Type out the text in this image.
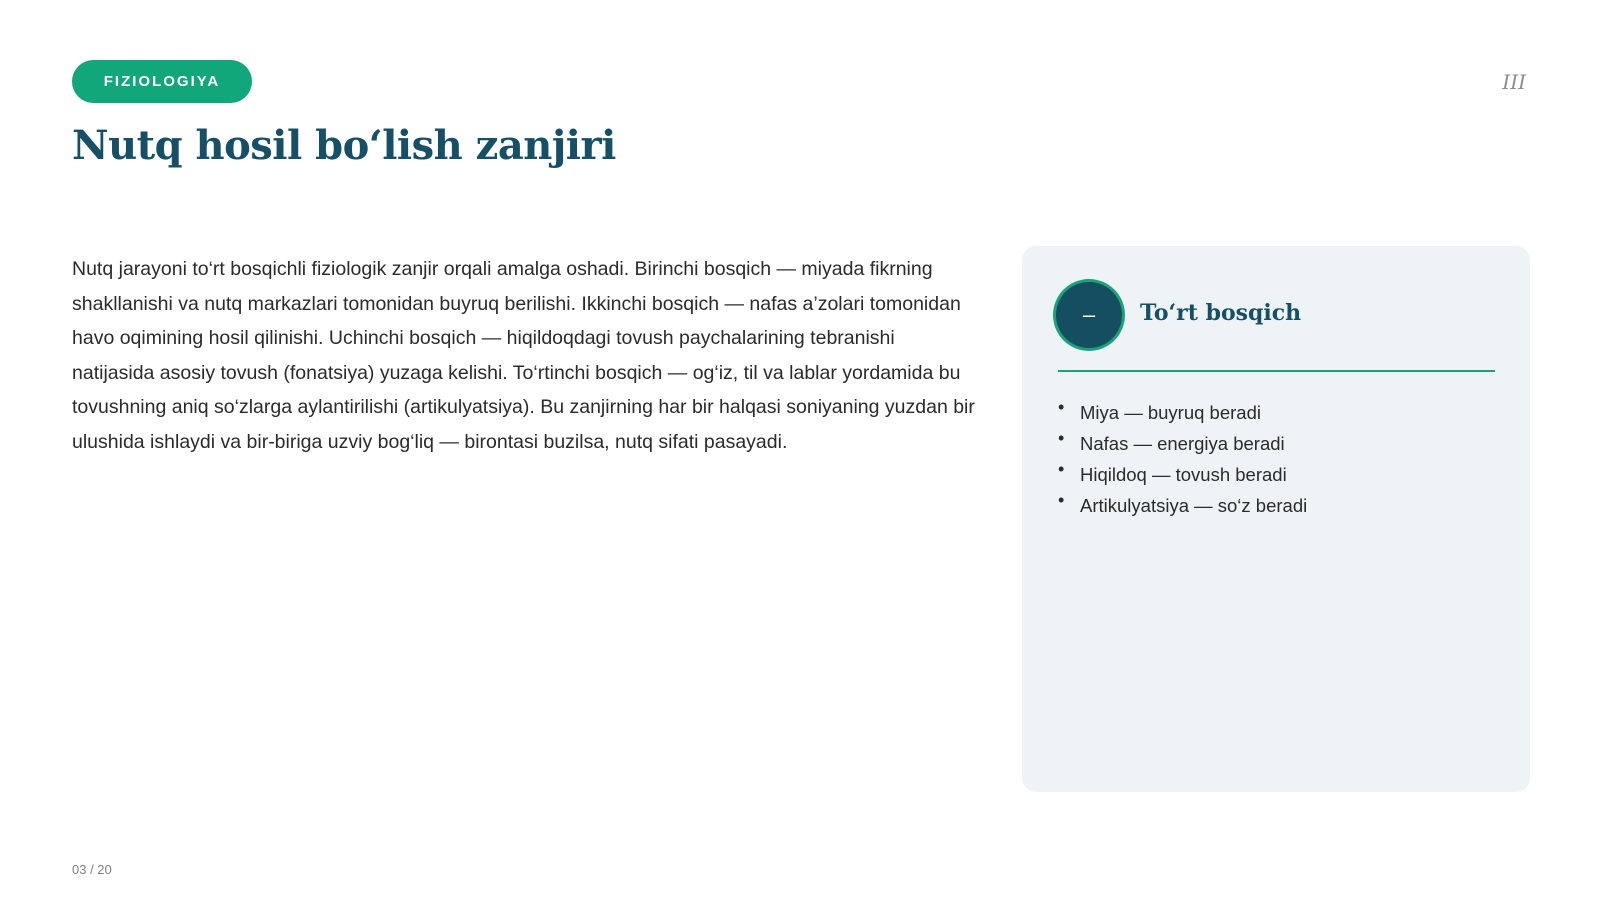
FIZIOLOGIYA	III
Nutq hosil bo‘lish zanjiri

Nutq jarayoni to‘rt bosqichli fiziologik zanjir orqali amalga oshadi. Birinchi bosqich — miyada fikrning shakllanishi va nutq markazlari tomonidan buyruq berilishi. Ikkinchi bosqich — nafas a’zolari tomonidan havo oqimining hosil qilinishi. Uchinchi bosqich — hiqildoqdagi tovush paychalarining tebranishi natijasida asosiy tovush (fonatsiya) yuzaga kelishi. To‘rtinchi bosqich — og‘iz, til va lablar yordamida bu tovushning aniq so‘zlarga aylantirilishi (artikulyatsiya). Bu zanjirning har bir halqasi soniyaning yuzdan bir ulushida ishlaydi va bir-biriga uzviy bog‘liq — birontasi buzilsa, nutq sifati pasayadi.

–	To‘rt bosqich
• Miya — buyruq beradi
• Nafas — energiya beradi
• Hiqildoq — tovush beradi
• Artikulyatsiya — so‘z beradi
03 / 20
